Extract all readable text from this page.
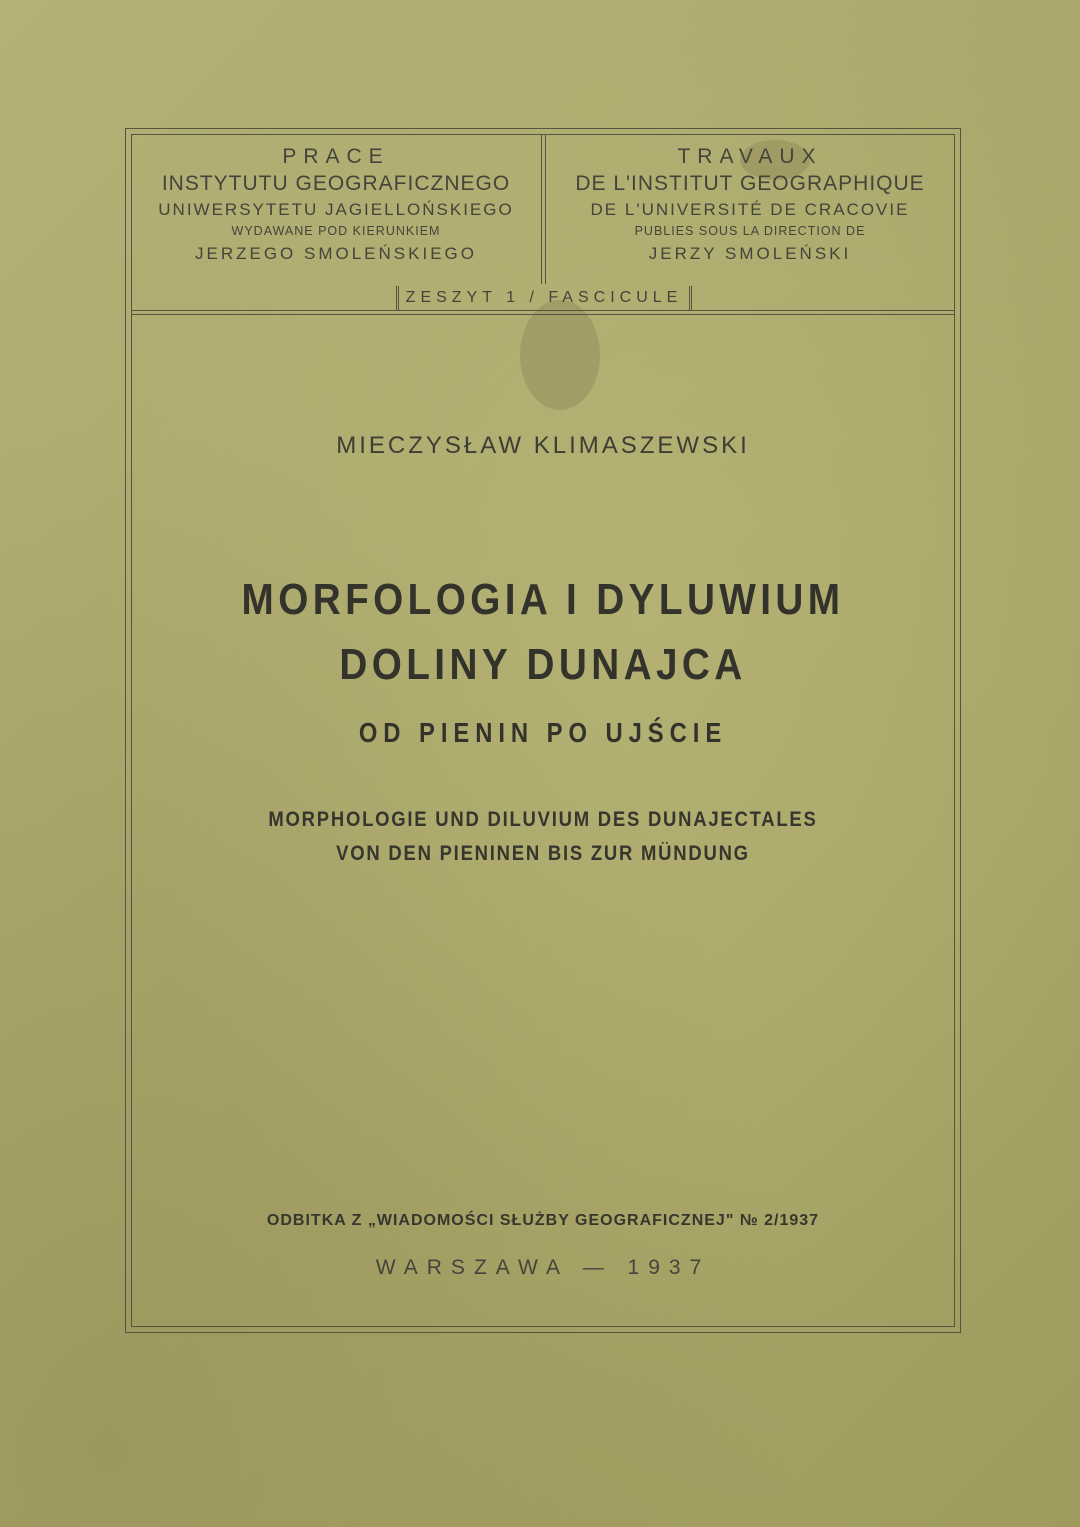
PRACE
INSTYTUTU GEOGRAFICZNEGO
UNIWERSYTETU JAGIELLOŃSKIEGO
WYDAWANE POD KIERUNKIEM
JERZEGO SMOLEŃSKIEGO
TRAVAUX
DE L'INSTITUT GEOGRAPHIQUE
DE L'UNIVERSITÉ DE CRACOVIE
PUBLIES SOUS LA DIRECTION DE
JERZY SMOLEŃSKI
ZESZYT 1 / FASCICULE
MIECZYSŁAW KLIMASZEWSKI
MORFOLOGIA I DYLUWIUM
DOLINY DUNAJCA
OD PIENIN PO UJŚCIE
MORPHOLOGIE UND DILUVIUM DES DUNAJECTALES
VON DEN PIENINEN BIS ZUR MÜNDUNG
ODBITKA Z „WIADOMOŚCI SŁUŻBY GEOGRAFICZNEJ" № 2/1937
WARSZAWA — 1937
